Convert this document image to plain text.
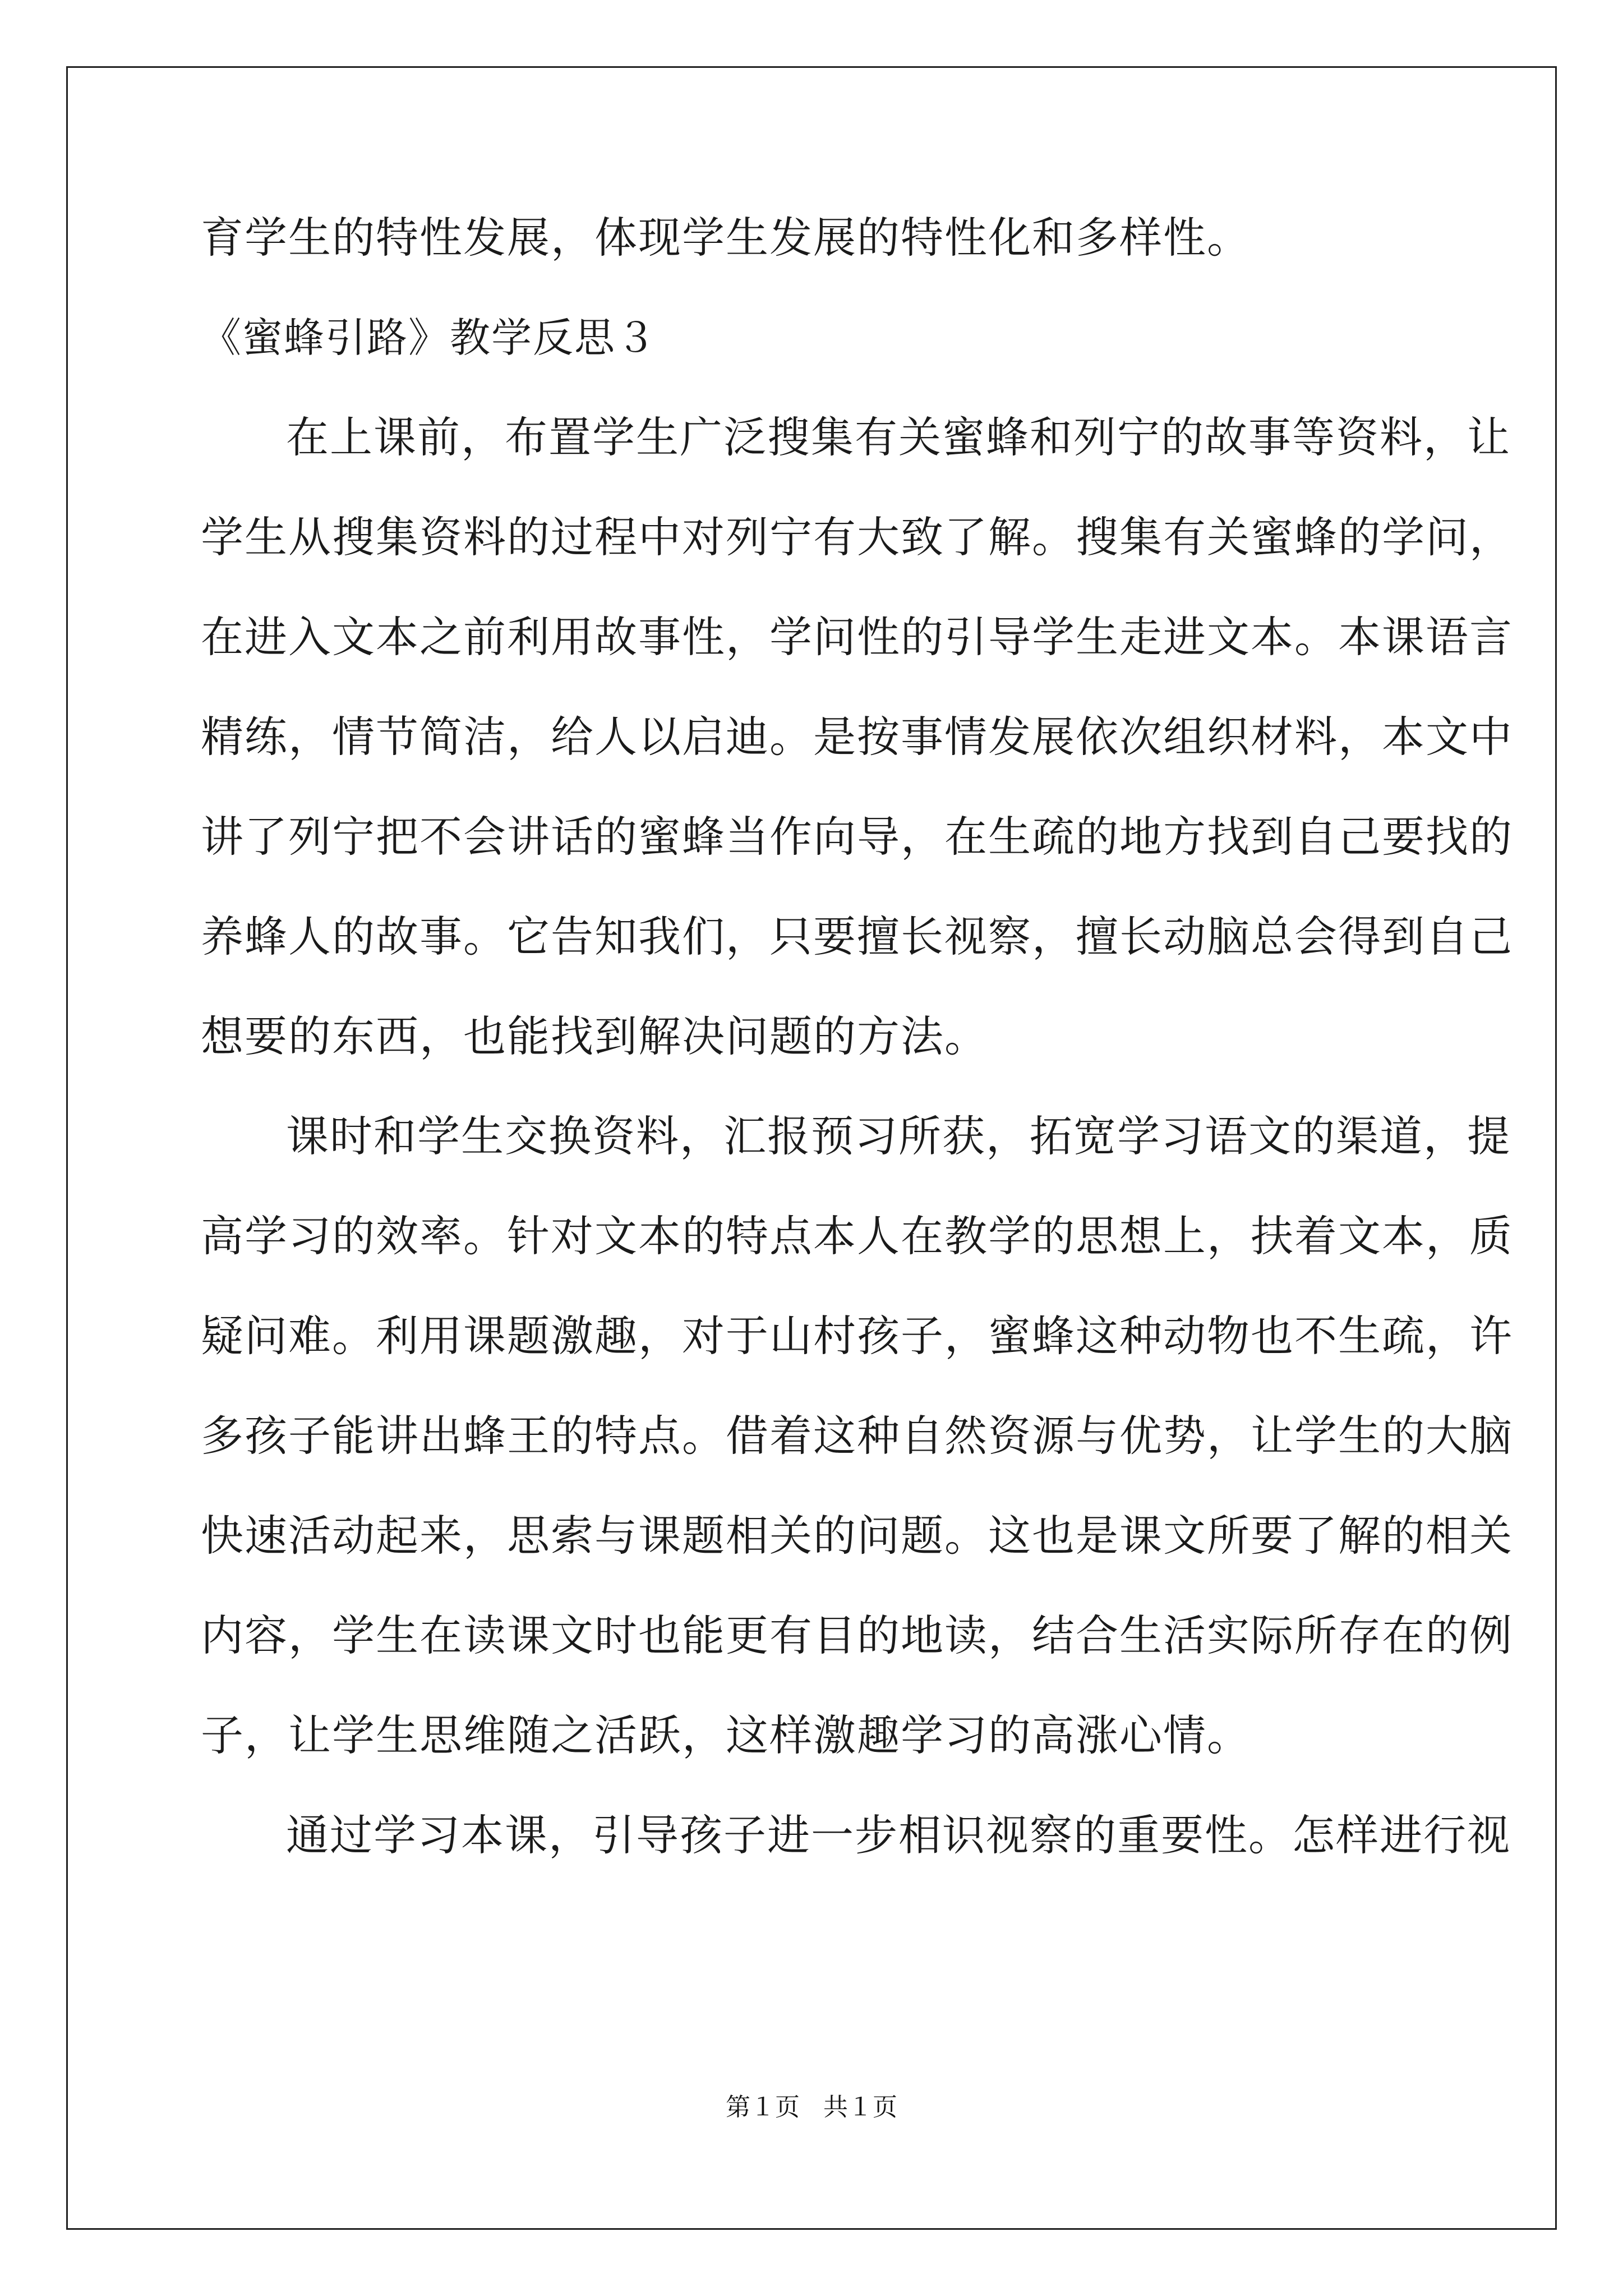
育学生的特性发展，体现学生发展的特性化和多样性。
《蜜蜂引路》教学反思３
在上课前，布置学生广泛搜集有关蜜蜂和列宁的故事等资料，让
学生从搜集资料的过程中对列宁有大致了解。搜集有关蜜蜂的学问，
在进入文本之前利用故事性，学问性的引导学生走进文本。本课语言
精练，情节简洁，给人以启迪。是按事情发展依次组织材料，本文中
讲了列宁把不会讲话的蜜蜂当作向导，在生疏的地方找到自己要找的
养蜂人的故事。它告知我们，只要擅长视察，擅长动脑总会得到自己
想要的东西，也能找到解决问题的方法。
课时和学生交换资料，汇报预习所获，拓宽学习语文的渠道，提
高学习的效率。针对文本的特点本人在教学的思想上，扶着文本，质
疑问难。利用课题激趣，对于山村孩子，蜜蜂这种动物也不生疏，许
多孩子能讲出蜂王的特点。借着这种自然资源与优势，让学生的大脑
快速活动起来，思索与课题相关的问题。这也是课文所要了解的相关
内容，学生在读课文时也能更有目的地读，结合生活实际所存在的例
子，让学生思维随之活跃，这样激趣学习的高涨心情。
通过学习本课，引导孩子进一步相识视察的重要性。怎样进行视
第１页 共１页
